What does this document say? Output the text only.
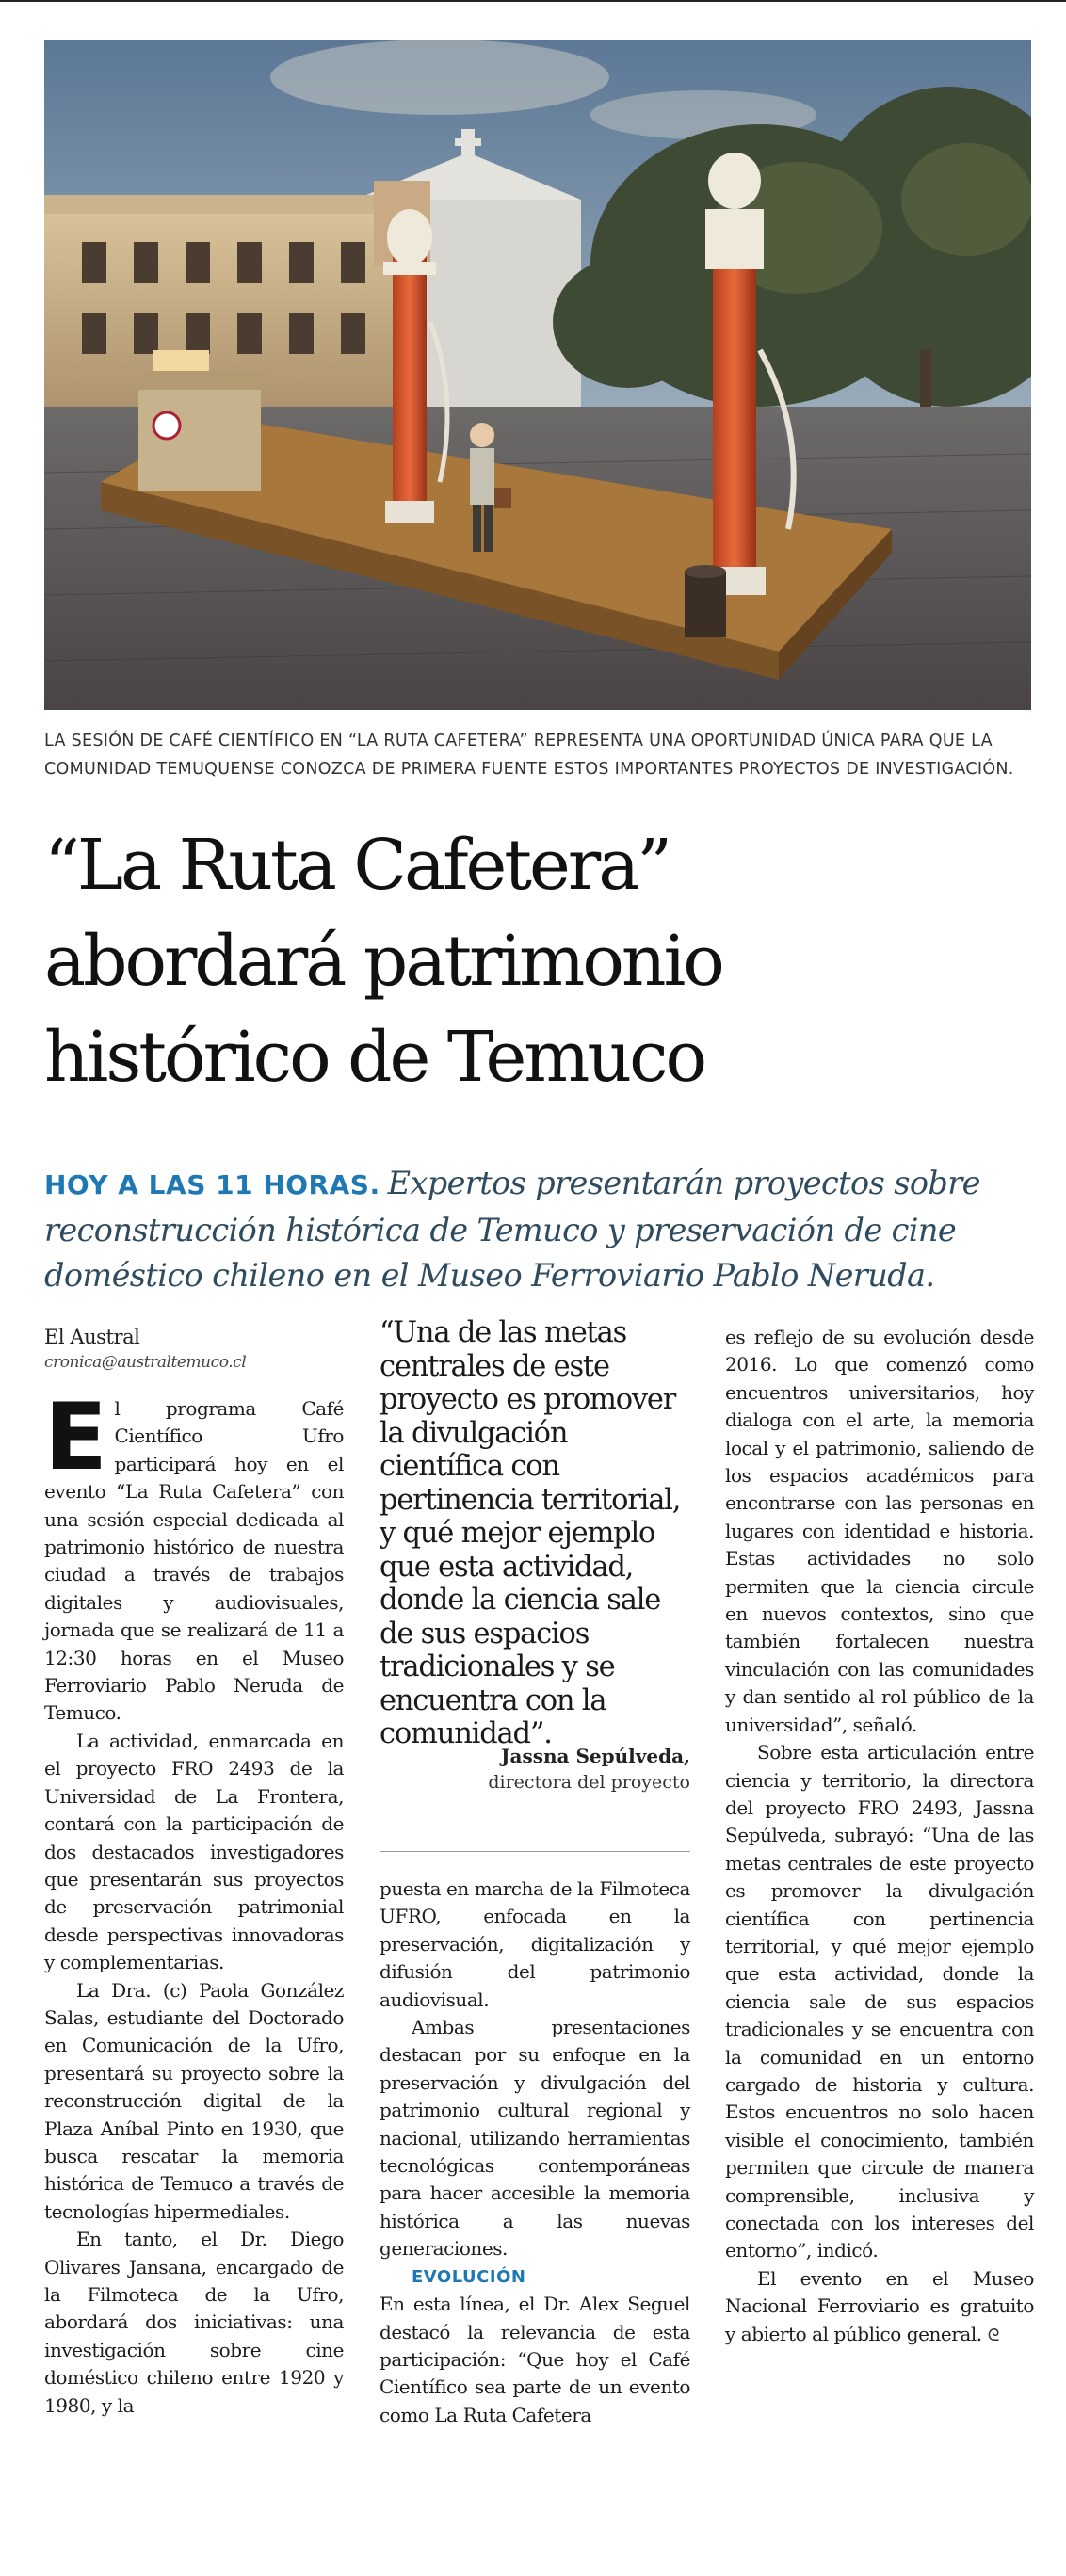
LA SESIÓN DE CAFÉ CIENTÍFICO EN “LA RUTA CAFETERA” REPRESENTA UNA OPORTUNIDAD ÚNICA PARA QUE LA COMUNIDAD TEMUQUENSE CONOZCA DE PRIMERA FUENTE ESTOS IMPORTANTES PROYECTOS DE INVESTIGACIÓN.
“La Ruta Cafetera”
abordará patrimonio
histórico de Temuco
HOY A LAS 11 HORAS. Expertos presentarán proyectos sobre reconstrucción histórica de Temuco y preservación de cine doméstico chileno en el Museo Ferroviario Pablo Neruda.
El Austral
cronica@australtemuco.cl

El programa Café Científico Ufro participará hoy en el evento “La Ruta Cafetera” con una sesión especial dedicada al patrimonio histórico de nuestra ciudad a través de trabajos digitales y audiovisuales, jornada que se realizará de 11 a 12:30 horas en el Museo Ferroviario Pablo Neruda de Temuco.

La actividad, enmarcada en el proyecto FRO 2493 de la Universidad de La Frontera, contará con la participación de dos destacados investigadores que presentarán sus proyectos de preservación patrimonial desde perspectivas innovadoras y complementarias.

La Dra. (c) Paola González Salas, estudiante del Doctorado en Comunicación de la Ufro, presentará su proyecto sobre la reconstrucción digital de la Plaza Aníbal Pinto en 1930, que busca rescatar la memoria histórica de Temuco a través de tecnologías hipermediales.

En tanto, el Dr. Diego Olivares Jansana, encargado de la Filmoteca de la Ufro, abordará dos iniciativas: una investigación sobre cine doméstico chileno entre 1920 y 1980, y la

“Una de las metas centrales de este proyecto es promover la divulgación científica con pertinencia territorial, y qué mejor ejemplo que esta actividad, donde la ciencia sale de sus espacios tradicionales y se encuentra con la comunidad”.
Jassna Sepúlveda,
directora del proyecto

puesta en marcha de la Filmoteca UFRO, enfocada en la preservación, digitalización y difusión del patrimonio audiovisual.

Ambas presentaciones destacan por su enfoque en la preservación y divulgación del patrimonio cultural regional y nacional, utilizando herramientas tecnológicas contemporáneas para hacer accesible la memoria histórica a las nuevas generaciones.

EVOLUCIÓN

En esta línea, el Dr. Alex Seguel destacó la relevancia de esta participación: “Que hoy el Café Científico sea parte de un evento como La Ruta Cafetera

es reflejo de su evolución desde 2016. Lo que comenzó como encuentros universitarios, hoy dialoga con el arte, la memoria local y el patrimonio, saliendo de los espacios académicos para encontrarse con las personas en lugares con identidad e historia. Estas actividades no solo permiten que la ciencia circule en nuevos contextos, sino que también fortalecen nuestra vinculación con las comunidades y dan sentido al rol público de la universidad”, señaló.

Sobre esta articulación entre ciencia y territorio, la directora del proyecto FRO 2493, Jassna Sepúlveda, subrayó: “Una de las metas centrales de este proyecto es promover la divulgación científica con pertinencia territorial, y qué mejor ejemplo que esta actividad, donde la ciencia sale de sus espacios tradicionales y se encuentra con la comunidad en un entorno cargado de historia y cultura. Estos encuentros no solo hacen visible el conocimiento, también permiten que circule de manera comprensible, inclusiva y conectada con los intereses del entorno”, indicó.

El evento en el Museo Nacional Ferroviario es gratuito y abierto al público general. ᘓ
